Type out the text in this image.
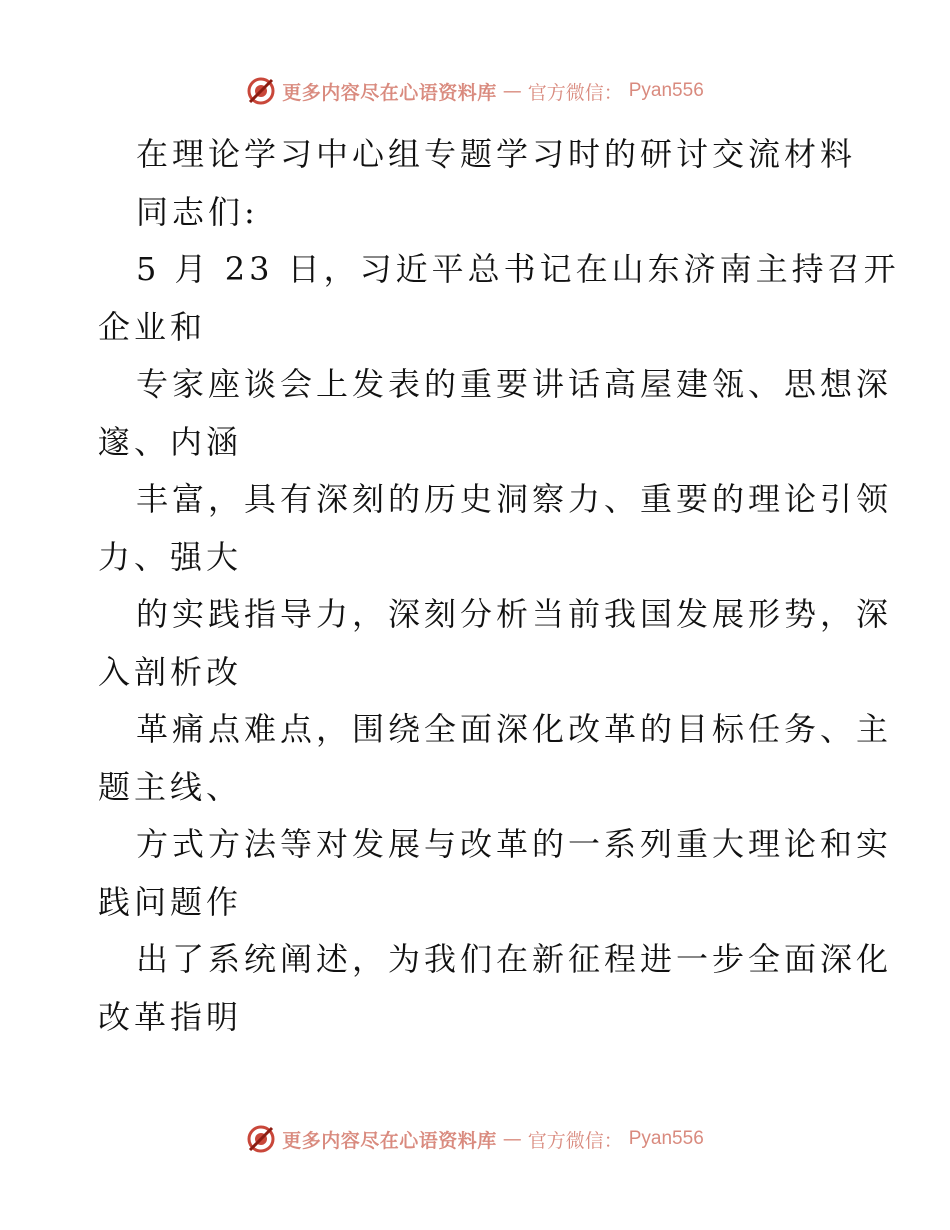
更多内容尽在心语资料库 — 官方微信： Pyan556
在理论学习中心组专题学习时的研讨交流材料
同志们:
5 月 23 日，习近平总书记在山东济南主持召开
企业和
专家座谈会上发表的重要讲话高屋建瓴、思想深
邃、内涵
丰富，具有深刻的历史洞察力、重要的理论引领
力、强大
的实践指导力，深刻分析当前我国发展形势，深
入剖析改
革痛点难点，围绕全面深化改革的目标任务、主
题主线、
方式方法等对发展与改革的一系列重大理论和实
践问题作
出了系统阐述，为我们在新征程进一步全面深化
改革指明
更多内容尽在心语资料库 — 官方微信： Pyan556
